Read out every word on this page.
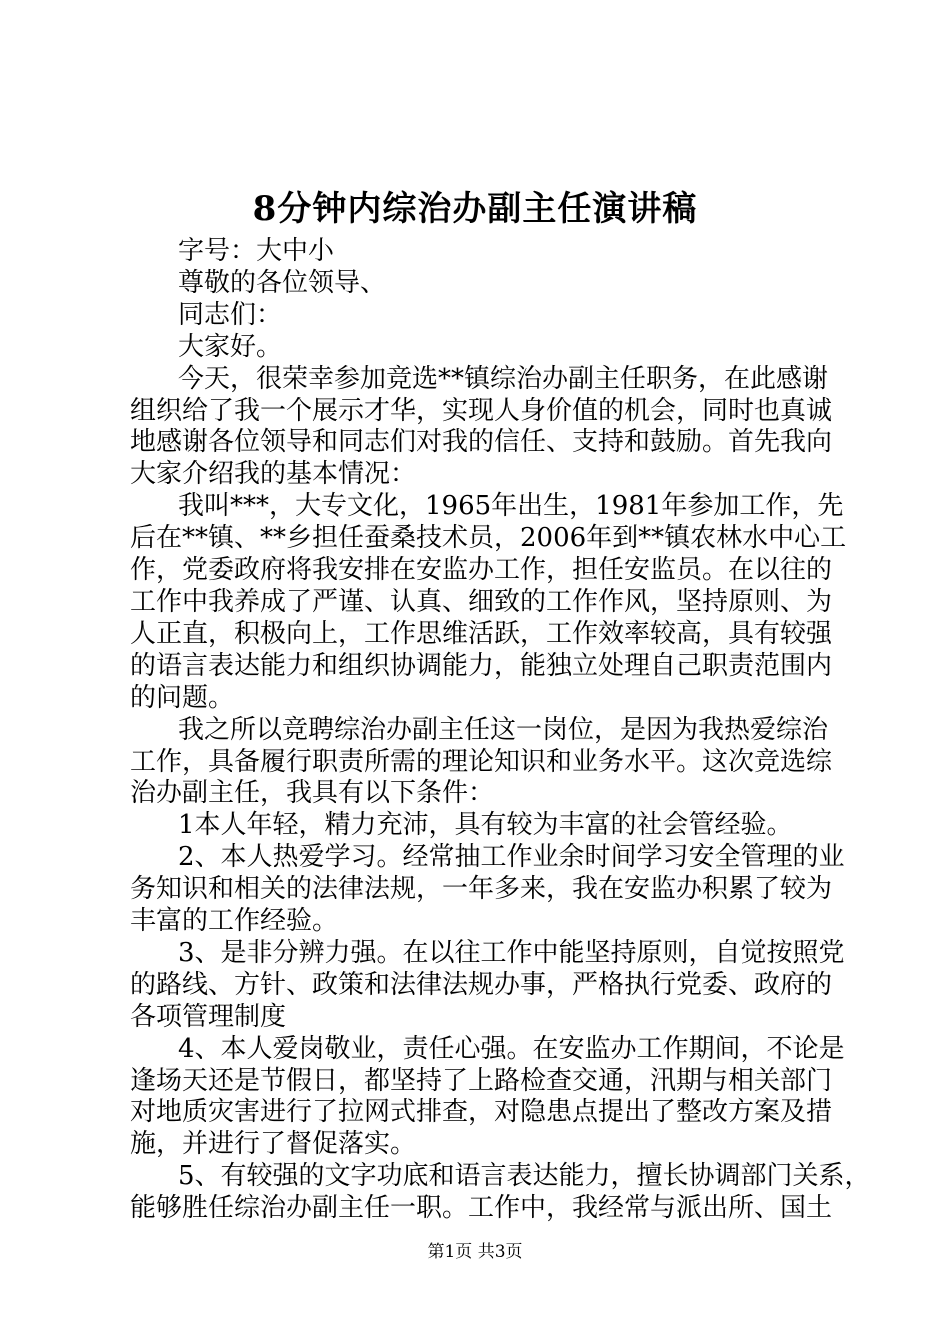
8分钟内综治办副主任演讲稿
字号：大中小
尊敬的各位领导、
同志们：
大家好。
今天，很荣幸参加竞选**镇综治办副主任职务，在此感谢
组织给了我一个展示才华，实现人身价值的机会，同时也真诚
地感谢各位领导和同志们对我的信任、支持和鼓励。首先我向
大家介绍我的基本情况：
我叫***，大专文化，1965年出生，1981年参加工作，先
后在**镇、**乡担任蚕桑技术员，2006年到**镇农林水中心工
作，党委政府将我安排在安监办工作，担任安监员。在以往的
工作中我养成了严谨、认真、细致的工作作风，坚持原则、为
人正直，积极向上，工作思维活跃，工作效率较高，具有较强
的语言表达能力和组织协调能力，能独立处理自己职责范围内
的问题。
我之所以竞聘综治办副主任这一岗位，是因为我热爱综治
工作，具备履行职责所需的理论知识和业务水平。这次竞选综
治办副主任，我具有以下条件：
1本人年轻，精力充沛，具有较为丰富的社会管经验。
2、本人热爱学习。经常抽工作业余时间学习安全管理的业
务知识和相关的法律法规，一年多来，我在安监办积累了较为
丰富的工作经验。
3、是非分辨力强。在以往工作中能坚持原则，自觉按照党
的路线、方针、政策和法律法规办事，严格执行党委、政府的
各项管理制度
4、本人爱岗敬业，责任心强。在安监办工作期间，不论是
逢场天还是节假日，都坚持了上路检查交通，汛期与相关部门
对地质灾害进行了拉网式排查，对隐患点提出了整改方案及措
施，并进行了督促落实。
5、有较强的文字功底和语言表达能力，擅长协调部门关系，
能够胜任综治办副主任一职。工作中，我经常与派出所、国土
第1页 共3页
